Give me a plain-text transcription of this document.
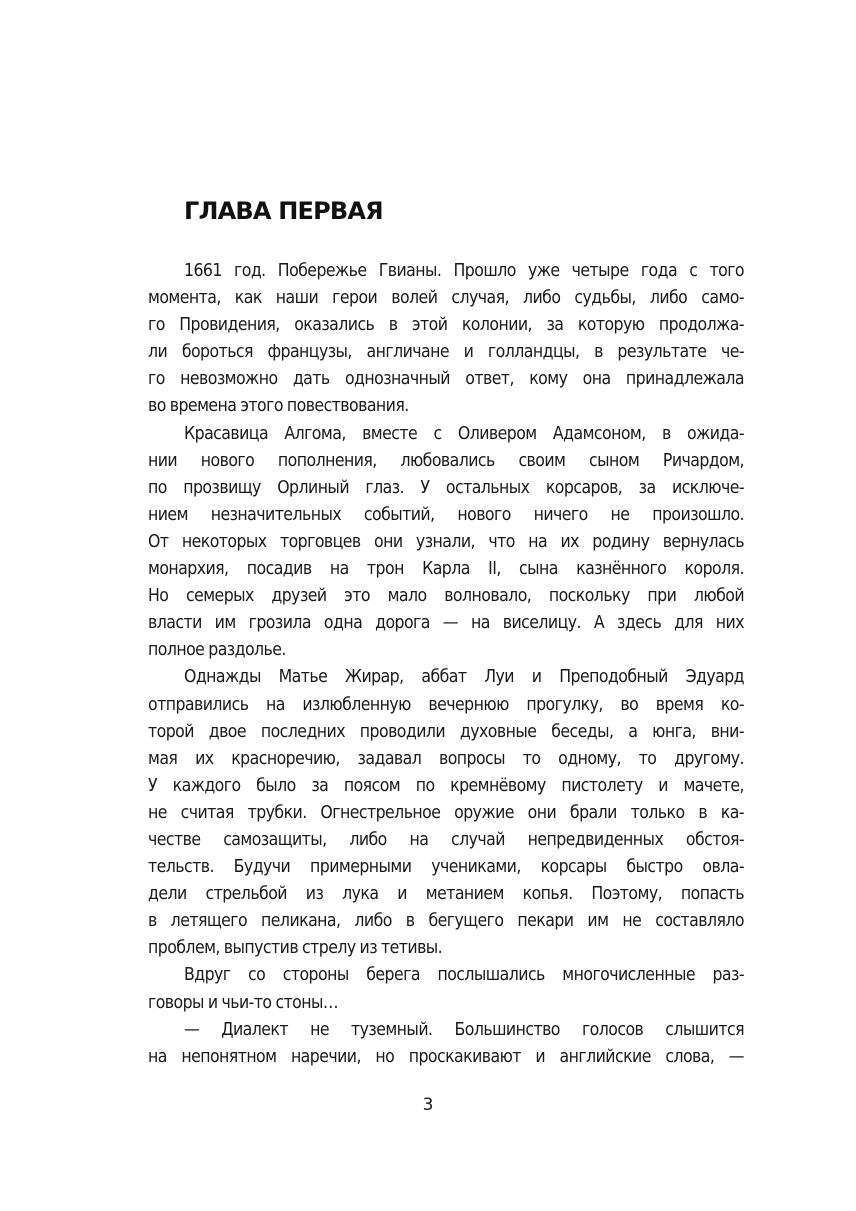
ГЛАВА ПЕРВАЯ
1661 год. Побережье Гвианы. Прошло уже четыре года с того
момента, как наши герои волей случая, либо судьбы, либо само-
го Провидения, оказались в этой колонии, за которую продолжа-
ли бороться французы, англичане и голландцы, в результате че-
го невозможно дать однозначный ответ, кому она принадлежала
во времена этого повествования.
Красавица Алгома, вместе с Оливером Адамсоном, в ожида-
нии нового пополнения, любовались своим сыном Ричардом,
по прозвищу Орлиный глаз. У остальных корсаров, за исключе-
нием незначительных событий, нового ничего не произошло.
От некоторых торговцев они узнали, что на их родину вернулась
монархия, посадив на трон Карла II, сына казнённого короля.
Но семерых друзей это мало волновало, поскольку при любой
власти им грозила одна дорога — на виселицу. А здесь для них
полное раздолье.
Однажды Матье Жирар, аббат Луи и Преподобный Эдуард
отправились на излюбленную вечернюю прогулку, во время ко-
торой двое последних проводили духовные беседы, а юнга, вни-
мая их красноречию, задавал вопросы то одному, то другому.
У каждого было за поясом по кремнёвому пистолету и мачете,
не считая трубки. Огнестрельное оружие они брали только в ка-
честве самозащиты, либо на случай непредвиденных обстоя-
тельств. Будучи примерными учениками, корсары быстро овла-
дели стрельбой из лука и метанием копья. Поэтому, попасть
в летящего пеликана, либо в бегущего пекари им не составляло
проблем, выпустив стрелу из тетивы.
Вдруг со стороны берега послышались многочисленные раз-
говоры и чьи-то стоны…
— Диалект не туземный. Большинство голосов слышится
на непонятном наречии, но проскакивают и английские слова, —
3
